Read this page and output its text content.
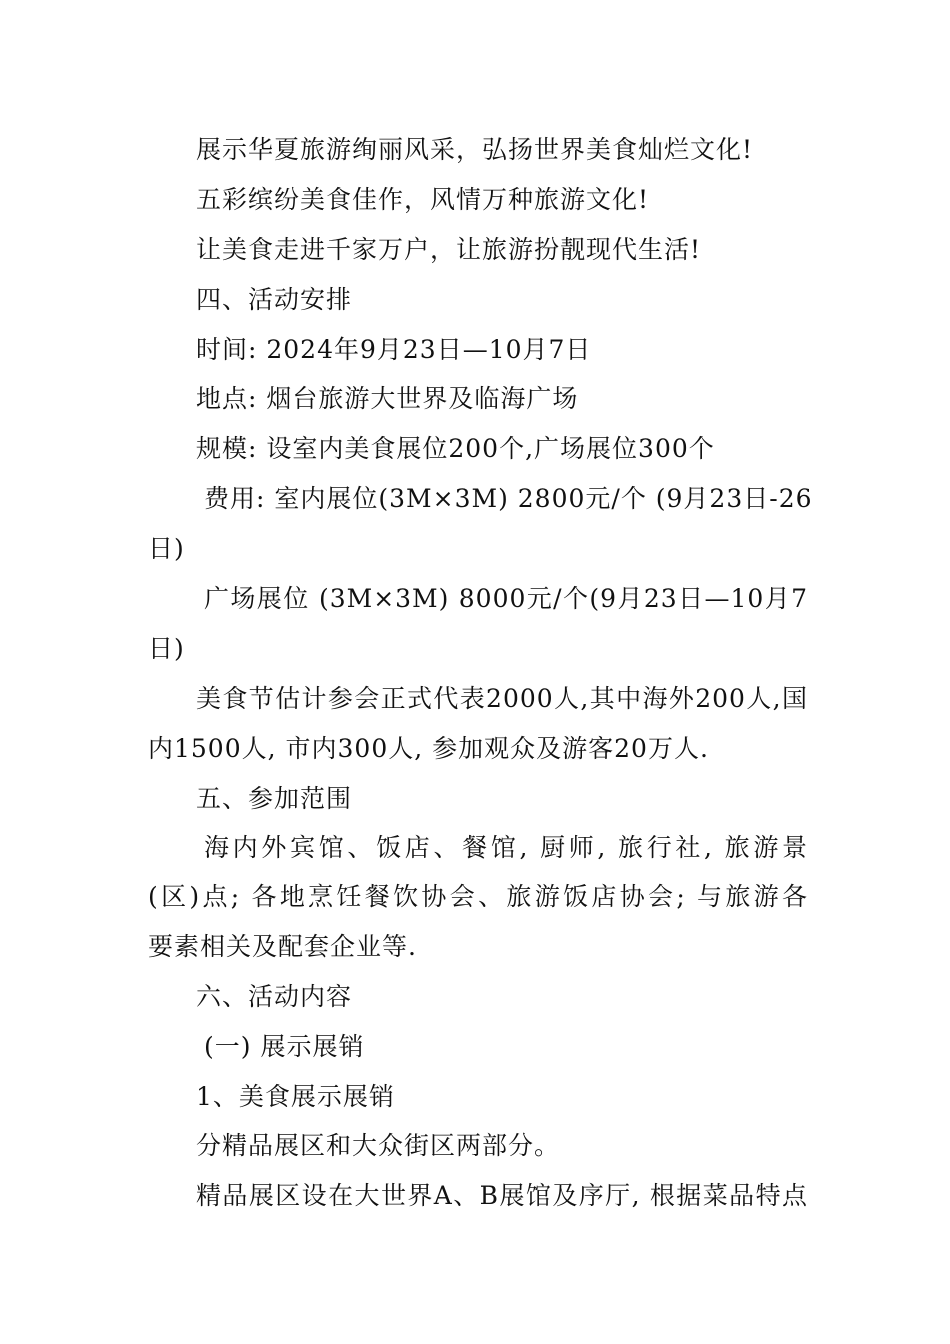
展示华夏旅游绚丽风采，弘扬世界美食灿烂文化!
五彩缤纷美食佳作，风情万种旅游文化!
让美食走进千家万户，让旅游扮靓现代生活!
四、活动安排
时间: 2024年9月23日—10月7日
地点: 烟台旅游大世界及临海广场
规模: 设室内美食展位200个,广场展位300个
费用: 室内展位(3M×3M) 2800元/个 (9月23日-26
日)
广场展位 (3M×3M) 8000元/个(9月23日—10月7
日)
美食节估计参会正式代表2000人,其中海外200人,国
内1500人, 市内300人, 参加观众及游客20万人.
五、参加范围
海内外宾馆、饭店、餐馆, 厨师, 旅行社, 旅游景
(区)点; 各地烹饪餐饮协会、旅游饭店协会; 与旅游各
要素相关及配套企业等.
六、活动内容
(一) 展示展销
1、美食展示展销
分精品展区和大众街区两部分。
精品展区设在大世界A、B展馆及序厅, 根据菜品特点
